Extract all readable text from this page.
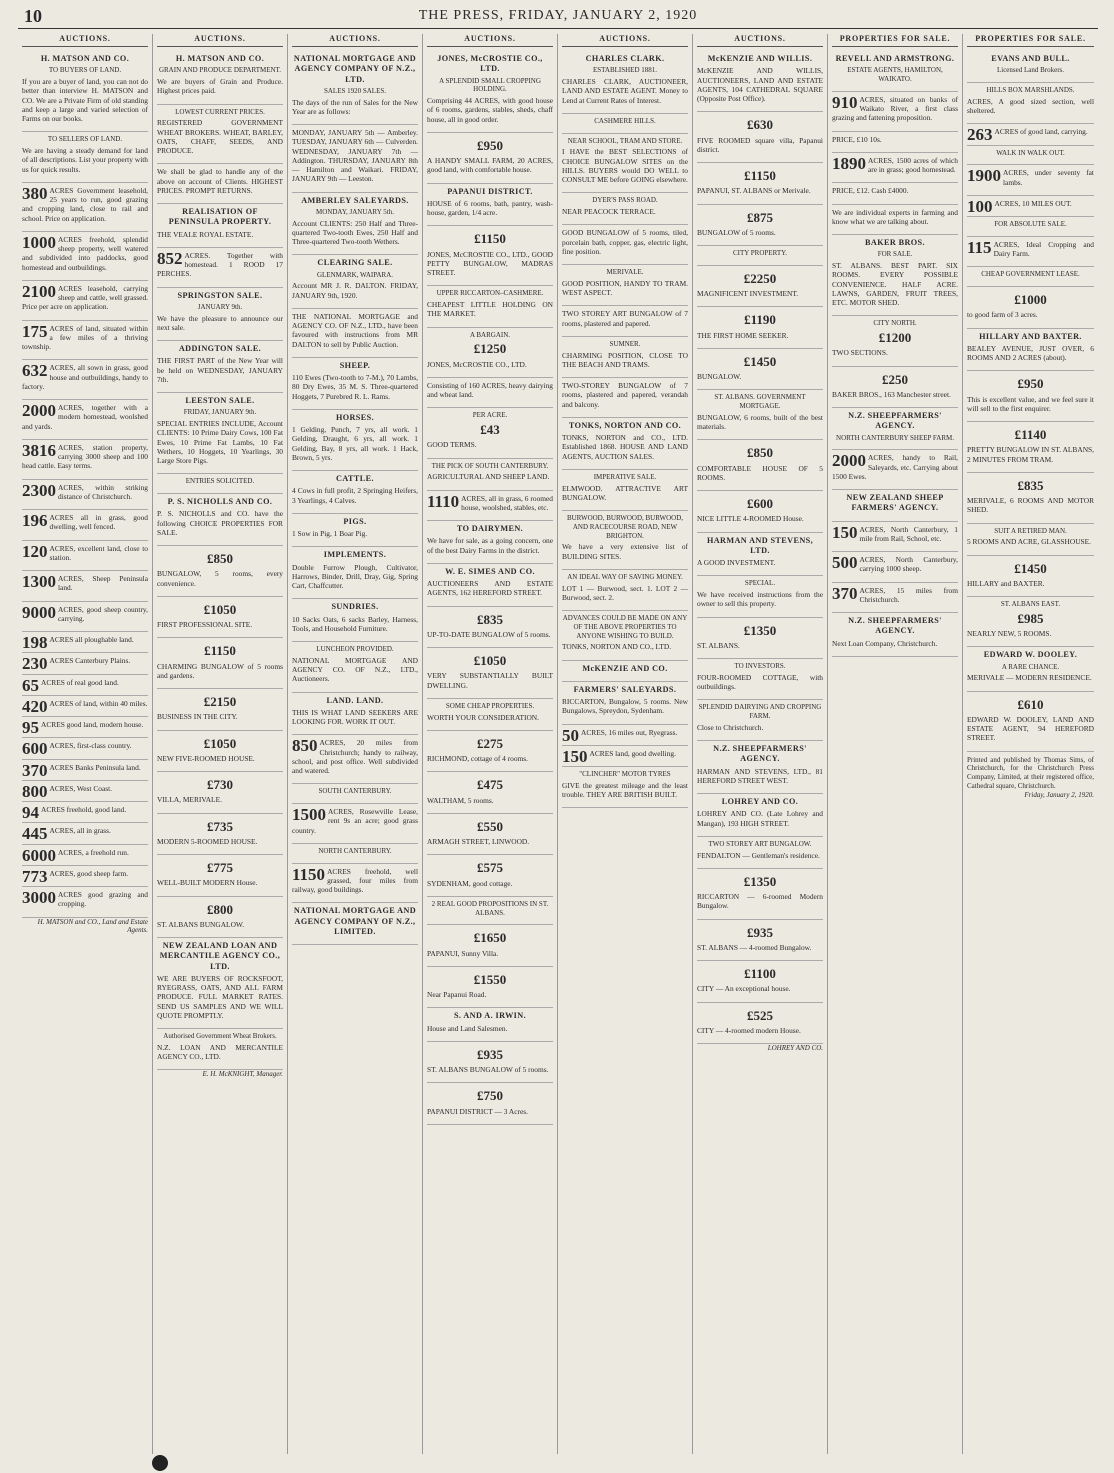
10	THE PRESS, FRIDAY, JANUARY 2, 1920
AUCTIONS.
H. MATSON AND CO.
TO BUYERS OF LAND.

If you are a buyer of land, you can not do better than interview H. MATSON and CO. We are a Private Firm of old standing and keep a large and varied selection of Farms on our books.

TO SELLERS OF LAND.

We are having a steady demand for land of all descriptions. List your property with us for quick results.

380 ACRES Government leasehold, 25 years to run, good grazing and cropping land, close to rail and school. Price on application.

1000 ACRES freehold, splendid sheep property, well watered and subdivided into paddocks, good homestead and outbuildings.

2100 ACRES leasehold, carrying sheep and cattle, well grassed. Price per acre on application.

175 ACRES of land, situated within a few miles of a thriving township.

632 ACRES, all sown in grass, good house and outbuildings, handy to factory.

2000 ACRES, together with a modern homestead, woolshed and yards.

3816 ACRES, station property, carrying 3000 sheep and 100 head cattle. Easy terms.

2300 ACRES, within striking distance of Christchurch.

196 ACRES all in grass, good dwelling, well fenced.

120 ACRES, excellent land, close to station.

1300 ACRES, Sheep Peninsula land.

9000 ACRES, good sheep country, carrying.

198 ACRES all ploughable land.

230 ACRES Canterbury Plains.

65 ACRES of real good land.

420 ACRES of land, within 40 miles.

95 ACRES good land, modern house.

600 ACRES, first-class country.

370 ACRES Banks Peninsula land.

800 ACRES, West Coast.

94 ACRES freehold, good land.

445 ACRES, all in grass.

6000 ACRES, a freehold run.

773 ACRES, good sheep farm.

3000 ACRES good grazing and cropping.

H. MATSON and CO., Land and Estate Agents.
AUCTIONS.
H. MATSON AND CO.
GRAIN AND PRODUCE DEPARTMENT.

We are buyers of Grain and Produce. Highest prices paid.

LOWEST CURRENT PRICES.

REGISTERED GOVERNMENT WHEAT BROKERS. WHEAT, BARLEY, OATS, CHAFF, SEEDS, AND PRODUCE.

We shall be glad to handle any of the above on account of Clients. HIGHEST PRICES. PROMPT RETURNS.

REALISATION OF PENINSULA PROPERTY.

THE VEALE ROYAL ESTATE.

852 ACRES. Together with homestead. 1 ROOD 17 PERCHES.

SPRINGSTON SALE.
JANUARY 9th.

We have the pleasure to announce our next sale.

ADDINGTON SALE.

THE FIRST PART of the New Year will be held on WEDNESDAY, JANUARY 7th.

LEESTON SALE.
FRIDAY, JANUARY 9th.

SPECIAL ENTRIES INCLUDE, Account CLIENTS: 10 Prime Dairy Cows, 100 Fat Ewes, 10 Prime Fat Lambs, 10 Fat Wethers, 10 Hoggets, 10 Yearlings, 30 Large Store Pigs.

ENTRIES SOLICITED.
P. S. NICHOLLS AND CO.

P. S. NICHOLLS and CO. have the following CHOICE PROPERTIES FOR SALE.

£850

BUNGALOW, 5 rooms, every convenience.

£1050

FIRST PROFESSIONAL SITE.

£1150

CHARMING BUNGALOW of 5 rooms and gardens.

£2150

BUSINESS IN THE CITY.

£1050

NEW FIVE-ROOMED HOUSE.

£730

VILLA, MERIVALE.

£735

MODERN 5-ROOMED HOUSE.

£775

WELL-BUILT MODERN House.

£800

ST. ALBANS BUNGALOW.

NEW ZEALAND LOAN AND MERCANTILE AGENCY CO., LTD.

WE ARE BUYERS OF ROCKSFOOT, RYEGRASS, OATS, AND ALL FARM PRODUCE. FULL MARKET RATES. SEND US SAMPLES AND WE WILL QUOTE PROMPTLY.

Authorised Government Wheat Brokers.

N.Z. LOAN AND MERCANTILE AGENCY CO., LTD.

E. H. McKNIGHT, Manager.
AUCTIONS.
NATIONAL MORTGAGE AND AGENCY COMPANY OF N.Z., LTD.
SALES 1920 SALES.

The days of the run of Sales for the New Year are as follows:

MONDAY, JANUARY 5th — Amberley. TUESDAY, JANUARY 6th — Culverden. WEDNESDAY, JANUARY 7th — Addington. THURSDAY, JANUARY 8th — Hamilton and Waikari. FRIDAY, JANUARY 9th — Leeston.

AMBERLEY SALEYARDS.
MONDAY, JANUARY 5th.

Account CLIENTS: 250 Half and Three-quartered Two-tooth Ewes, 250 Half and Three-quartered Two-tooth Wethers.

CLEARING SALE.
GLENMARK, WAIPARA.

Account MR J. R. DALTON. FRIDAY, JANUARY 9th, 1920.

THE NATIONAL MORTGAGE and AGENCY CO. OF N.Z., LTD., have been favoured with instructions from MR DALTON to sell by Public Auction.

SHEEP.

110 Ewes (Two-tooth to 7-M.), 70 Lambs, 80 Dry Ewes, 35 M. S. Three-quartered Hoggets, 7 Purebred R. L. Rams.

HORSES.

1 Gelding, Punch, 7 yrs, all work. 1 Gelding, Draught, 6 yrs, all work. 1 Gelding, Bay, 8 yrs, all work. 1 Hack, Brown, 5 yrs.

CATTLE.

4 Cows in full profit, 2 Springing Heifers, 3 Yearlings, 4 Calves.

PIGS.

1 Sow in Pig, 1 Boar Pig.

IMPLEMENTS.

Double Furrow Plough, Cultivator, Harrows, Binder, Drill, Dray, Gig, Spring Cart, Chaffcutter.

SUNDRIES.

10 Sacks Oats, 6 sacks Barley, Harness, Tools, and Household Furniture.

LUNCHEON PROVIDED.

NATIONAL MORTGAGE AND AGENCY CO. OF N.Z., LTD., Auctioneers.

LAND. LAND.

THIS IS WHAT LAND SEEKERS ARE LOOKING FOR. WORK IT OUT.

850 ACRES, 20 miles from Christchurch; handy to railway, school, and post office. Well subdivided and watered.

SOUTH CANTERBURY.

1500 ACRES, Rosewville Lease, rent 9s an acre; good grass country.

NORTH CANTERBURY.

1150 ACRES freehold, well grassed, four miles from railway, good buildings.

NATIONAL MORTGAGE AND AGENCY COMPANY OF N.Z., LIMITED.
AUCTIONS.
JONES, McCROSTIE CO., LTD.
A SPLENDID SMALL CROPPING HOLDING.

Comprising 44 ACRES, with good house of 6 rooms, gardens, stables, sheds, chaff house, all in good order.

£950

A HANDY SMALL FARM, 20 ACRES, good land, with comfortable house.

PAPANUI DISTRICT.

HOUSE of 6 rooms, bath, pantry, wash-house, garden, 1/4 acre.

£1150

JONES, McCROSTIE CO., LTD., GOOD PETTY BUNGALOW, MADRAS STREET.

UPPER RICCARTON–CASHMERE.

CHEAPEST LITTLE HOLDING ON THE MARKET.

A BARGAIN.
£1250

JONES, McCROSTIE CO., LTD.

Consisting of 160 ACRES, heavy dairying and wheat land.

PER ACRE.
£43

GOOD TERMS.

THE PICK OF SOUTH CANTERBURY.

AGRICULTURAL AND SHEEP LAND.

1110 ACRES, all in grass, 6 roomed house, woolshed, stables, etc.

TO DAIRYMEN.

We have for sale, as a going concern, one of the best Dairy Farms in the district.

W. E. SIMES AND CO.

AUCTIONEERS AND ESTATE AGENTS, 162 HEREFORD STREET.

£835

UP-TO-DATE BUNGALOW of 5 rooms.

£1050

VERY SUBSTANTIALLY BUILT DWELLING.

SOME CHEAP PROPERTIES.

WORTH YOUR CONSIDERATION.

£275

RICHMOND, cottage of 4 rooms.

£475

WALTHAM, 5 rooms.

£550

ARMAGH STREET, LINWOOD.

£575

SYDENHAM, good cottage.

2 REAL GOOD PROPOSITIONS IN ST. ALBANS.
£1650

PAPANUI, Sunny Villa.

£1550

Near Papanui Road.

S. AND A. IRWIN.

House and Land Salesmen.

£935

ST. ALBANS BUNGALOW of 5 rooms.

£750

PAPANUI DISTRICT — 3 Acres.

AUCTIONS.
CHARLES CLARK.
ESTABLISHED 1881.

CHARLES CLARK, AUCTIONEER, LAND AND ESTATE AGENT. Money to Lend at Current Rates of Interest.

CASHMERE HILLS.
NEAR SCHOOL, TRAM AND STORE.

I HAVE the BEST SELECTIONS of CHOICE BUNGALOW SITES on the HILLS. BUYERS would DO WELL to CONSULT ME before GOING elsewhere.

DYER'S PASS ROAD.

NEAR PEACOCK TERRACE.

GOOD BUNGALOW of 5 rooms, tiled, porcelain bath, copper, gas, electric light, fine position.

MERIVALE.

GOOD POSITION, HANDY TO TRAM. WEST ASPECT.

TWO STOREY ART BUNGALOW of 7 rooms, plastered and papered.

SUMNER.

CHARMING POSITION, CLOSE TO THE BEACH AND TRAMS.

TWO-STOREY BUNGALOW of 7 rooms, plastered and papered, verandah and balcony.

TONKS, NORTON AND CO.

TONKS, NORTON and CO., LTD. Established 1868. HOUSE AND LAND AGENTS, AUCTION SALES.

IMPERATIVE SALE.

ELMWOOD. ATTRACTIVE ART BUNGALOW.

BURWOOD, BURWOOD, BURWOOD, AND RACECOURSE ROAD, NEW BRIGHTON.

We have a very extensive list of BUILDING SITES.

AN IDEAL WAY OF SAVING MONEY.

LOT 1 — Burwood, sect. 1. LOT 2 — Burwood, sect. 2.

ADVANCES COULD BE MADE ON ANY OF THE ABOVE PROPERTIES TO ANYONE WISHING TO BUILD.

TONKS, NORTON AND CO., LTD.

McKENZIE AND CO.
FARMERS' SALEYARDS.

RICCARTON, Bungalow, 5 rooms. New Bungalows, Spreydon, Sydenham.

50 ACRES, 16 miles out, Ryegrass.

150 ACRES land, good dwelling.

"CLINCHER" MOTOR TYRES

GIVE the greatest mileage and the least trouble. THEY ARE BRITISH BUILT.

AUCTIONS.
McKENZIE AND WILLIS.

McKENZIE AND WILLIS, AUCTIONEERS, LAND AND ESTATE AGENTS, 104 CATHEDRAL SQUARE (Opposite Post Office).

£630

FIVE ROOMED square villa, Papanui district.

£1150

PAPANUI, ST. ALBANS or Merivale.

£875

BUNGALOW of 5 rooms.

CITY PROPERTY.
£2250

MAGNIFICENT INVESTMENT.

£1190

THE FIRST HOME SEEKER.

£1450

BUNGALOW.

ST. ALBANS. GOVERNMENT MORTGAGE.

BUNGALOW, 6 rooms, built of the best materials.

£850

COMFORTABLE HOUSE OF 5 ROOMS.

£600

NICE LITTLE 4-ROOMED House.

HARMAN AND STEVENS, LTD.

A GOOD INVESTMENT.

SPECIAL.

We have received instructions from the owner to sell this property.

£1350

ST. ALBANS.

TO INVESTORS.

FOUR-ROOMED COTTAGE, with outbuildings.

SPLENDID DAIRYING AND CROPPING FARM.

Close to Christchurch.

N.Z. SHEEPFARMERS' AGENCY.

HARMAN AND STEVENS, LTD., 81 HEREFORD STREET WEST.

LOHREY AND CO.

LOHREY AND CO. (Late Lohrey and Mangan), 193 HIGH STREET.

TWO STOREY ART BUNGALOW.

FENDALTON — Gentleman's residence.

£1350

RICCARTON — 6-roomed Modern Bungalow.

£935

ST. ALBANS — 4-roomed Bungalow.

£1100

CITY — An exceptional house.

£525

CITY — 4-roomed modern House.

LOHREY AND CO.
PROPERTIES FOR SALE.
REVELL AND ARMSTRONG.
ESTATE AGENTS, HAMILTON, WAIKATO.

910 ACRES, situated on banks of Waikato River, a first class grazing and fattening proposition.

PRICE, £10 10s.

1890 ACRES, 1500 acres of which are in grass; good homestead.

PRICE, £12. Cash £4000.

We are individual experts in farming and know what we are talking about.

BAKER BROS.
FOR SALE.

ST. ALBANS. BEST PART. SIX ROOMS. EVERY POSSIBLE CONVENIENCE. HALF ACRE. LAWNS, GARDEN, FRUIT TREES, ETC. MOTOR SHED.

CITY NORTH.
£1200

TWO SECTIONS.

£250

BAKER BROS., 163 Manchester street.

N.Z. SHEEPFARMERS' AGENCY.
NORTH CANTERBURY SHEEP FARM.

2000 ACRES, handy to Rail, Saleyards, etc. Carrying about 1500 Ewes.

NEW ZEALAND SHEEP FARMERS' AGENCY.

150 ACRES, North Canterbury, 1 mile from Rail, School, etc.

500 ACRES, North Canterbury, carrying 1000 sheep.

370 ACRES, 15 miles from Christchurch.

N.Z. SHEEPFARMERS' AGENCY.

Next Loan Company, Christchurch.

PROPERTIES FOR SALE.
EVANS AND BULL.
Licensed Land Brokers.
HILLS BOX MARSHLANDS.

ACRES, A good sized section, well sheltered.

263 ACRES of good land, carrying.

WALK IN WALK OUT.

1900 ACRES, under seventy fat lambs.

100 ACRES, 10 MILES OUT.

FOR ABSOLUTE SALE.

115 ACRES, Ideal Cropping and Dairy Farm.

CHEAP GOVERNMENT LEASE.
£1000

to good farm of 3 acres.

HILLARY AND BAXTER.

BEALEY AVENUE, JUST OVER, 6 ROOMS AND 2 ACRES (about).

£950

This is excellent value, and we feel sure it will sell to the first enquirer.

£1140

PRETTY BUNGALOW IN ST. ALBANS, 2 MINUTES FROM TRAM.

£835

MERIVALE, 6 ROOMS AND MOTOR SHED.

SUIT A RETIRED MAN.

5 ROOMS AND ACRE, GLASSHOUSE.

£1450

HILLARY and BAXTER.

ST. ALBANS EAST.
£985

NEARLY NEW, 5 ROOMS.

EDWARD W. DOOLEY.
A RARE CHANCE.

MERIVALE — MODERN RESIDENCE.

£610

EDWARD W. DOOLEY, LAND AND ESTATE AGENT, 94 HEREFORD STREET.

Printed and published by Thomas Sims, of Christchurch, for the Christchurch Press Company, Limited, at their registered office, Cathedral square, Christchurch.
Friday, January 2, 1920.
